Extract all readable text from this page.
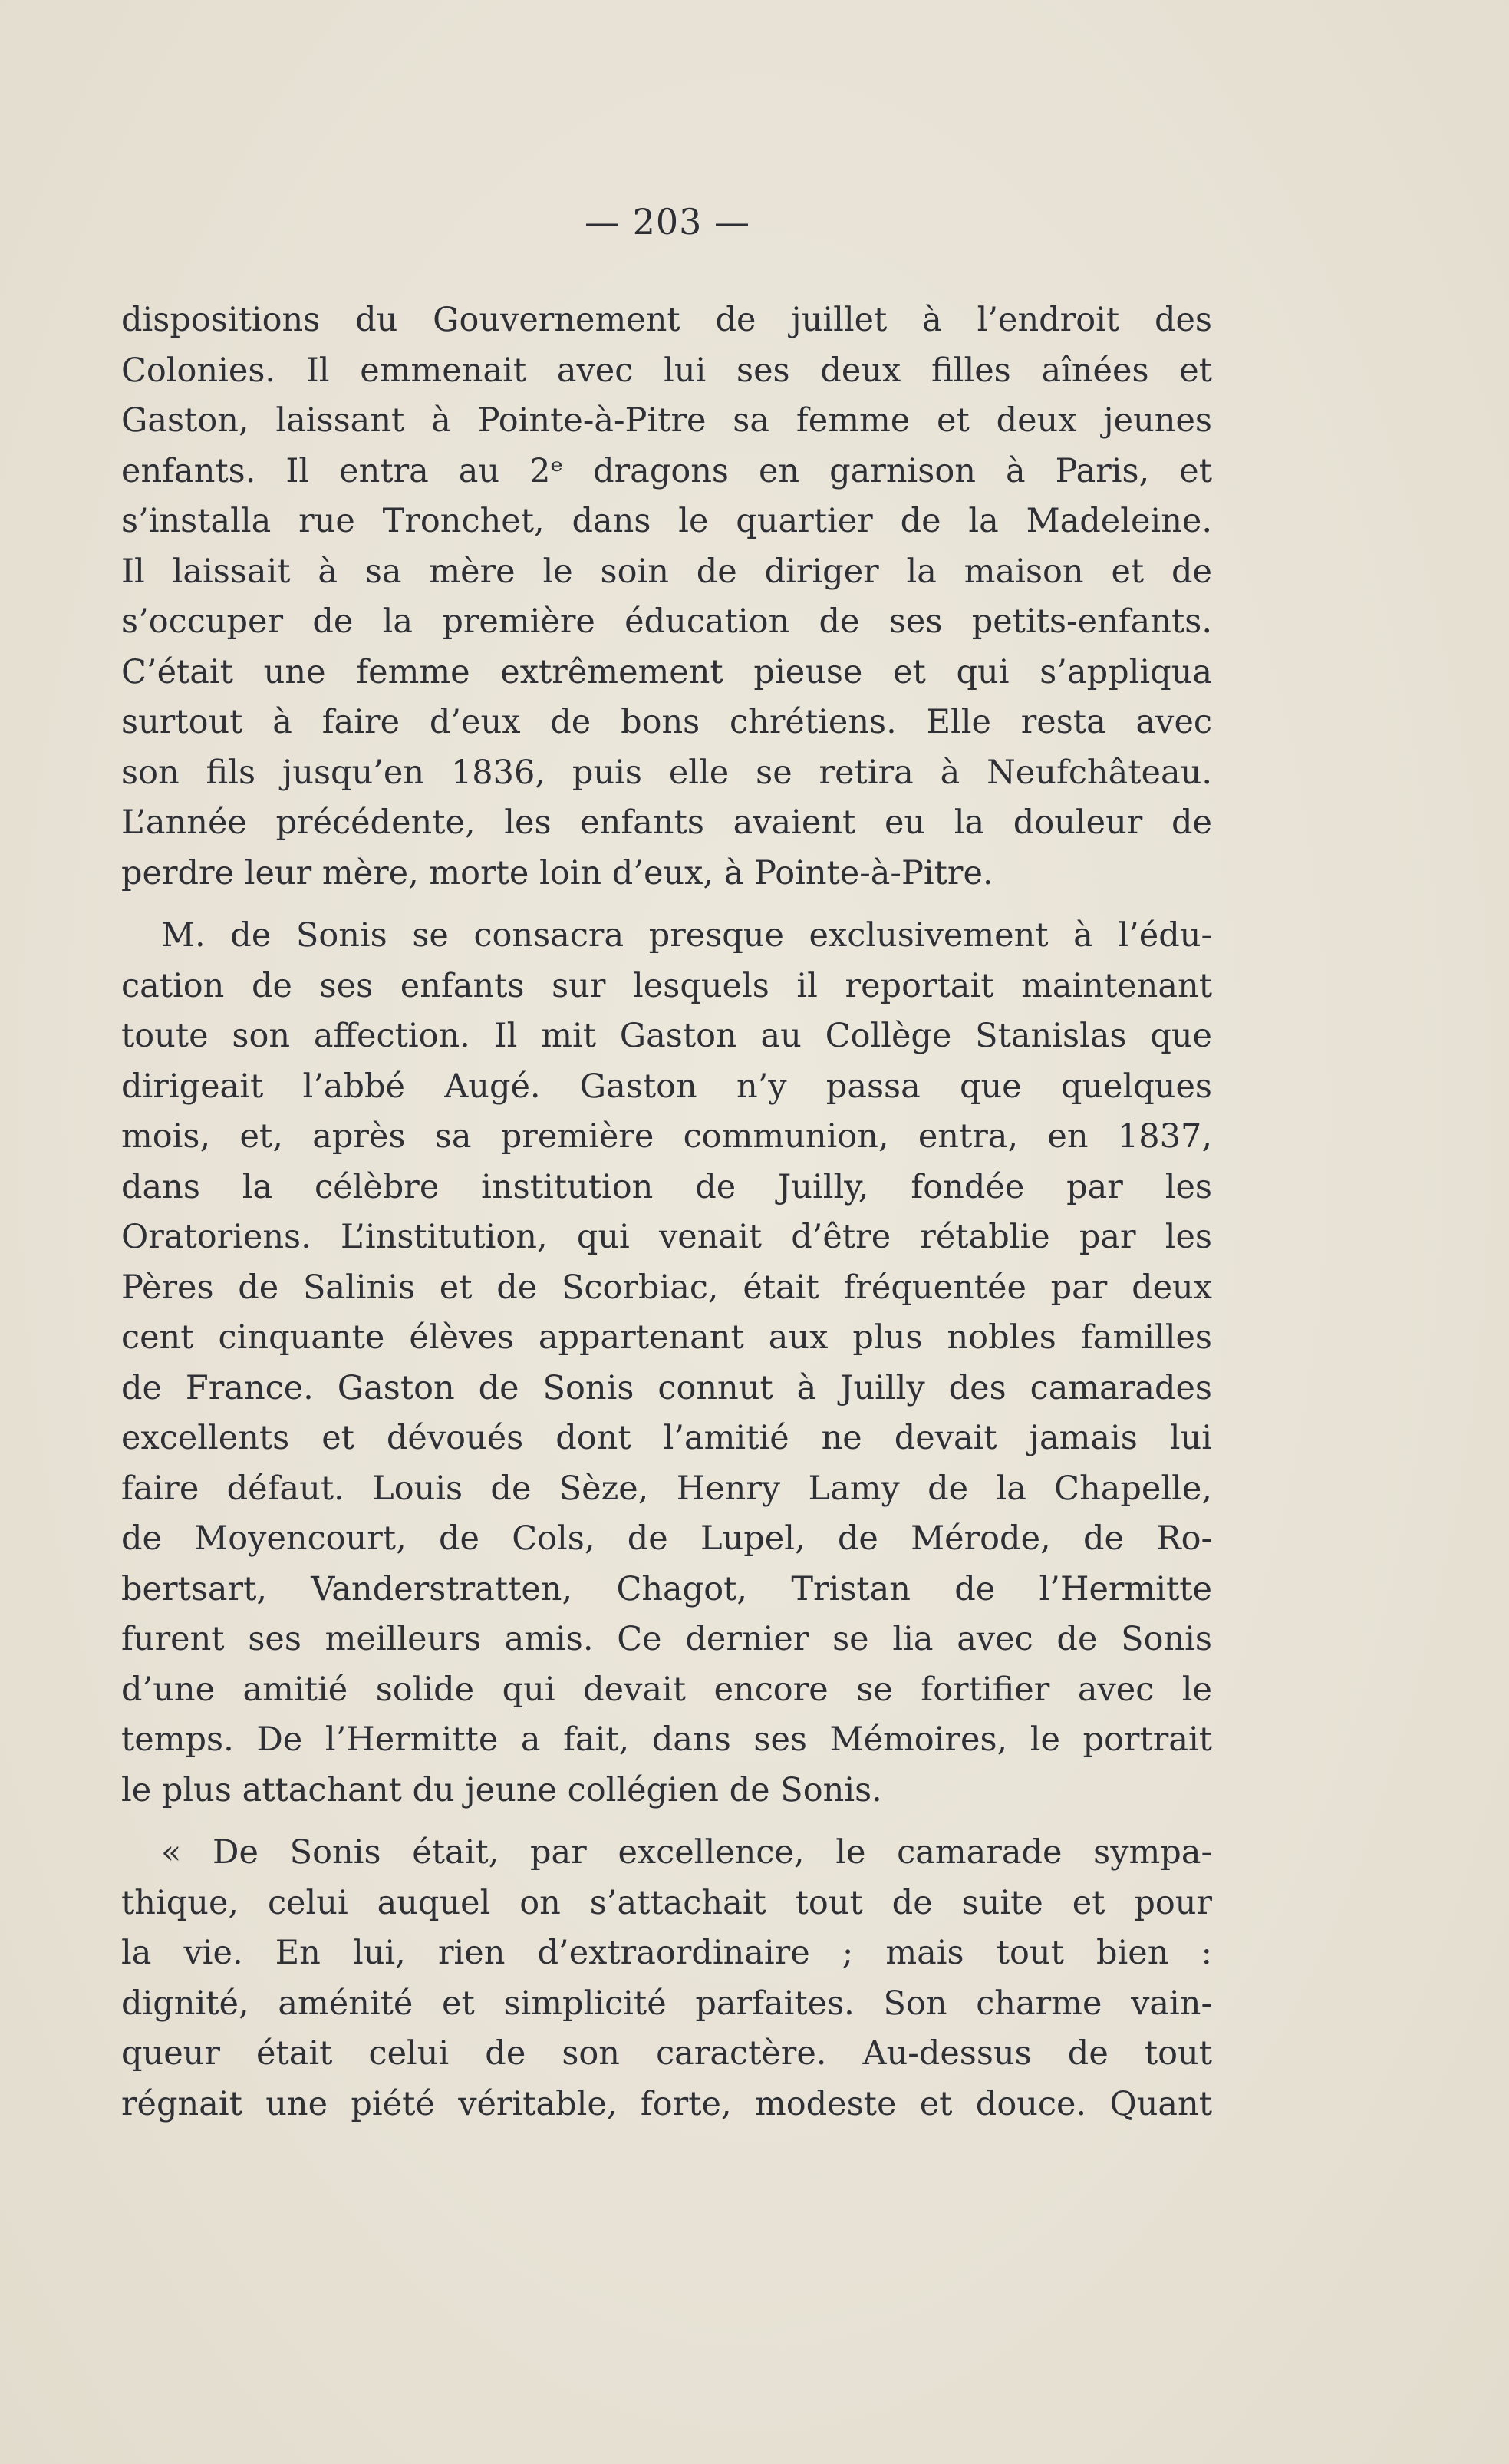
— 203 —
dispositions du Gouvernement de juillet à l’endroit des
Colonies. Il emmenait avec lui ses deux filles aînées et
Gaston, laissant à Pointe-à-Pitre sa femme et deux jeunes
enfants. Il entra au 2ᵉ dragons en garnison à Paris, et
s’installa rue Tronchet, dans le quartier de la Madeleine.
Il laissait à sa mère le soin de diriger la maison et de
s’occuper de la première éducation de ses petits-enfants.
C’était une femme extrêmement pieuse et qui s’appliqua
surtout à faire d’eux de bons chrétiens. Elle resta avec
son fils jusqu’en 1836, puis elle se retira à Neufchâteau.
L’année précédente, les enfants avaient eu la douleur de
perdre leur mère, morte loin d’eux, à Pointe-à-Pitre.
M. de Sonis se consacra presque exclusivement à l’édu-
cation de ses enfants sur lesquels il reportait maintenant
toute son affection. Il mit Gaston au Collège Stanislas que
dirigeait l’abbé Augé. Gaston n’y passa que quelques
mois, et, après sa première communion, entra, en 1837,
dans la célèbre institution de Juilly, fondée par les
Oratoriens. L’institution, qui venait d’être rétablie par les
Pères de Salinis et de Scorbiac, était fréquentée par deux
cent cinquante élèves appartenant aux plus nobles familles
de France. Gaston de Sonis connut à Juilly des camarades
excellents et dévoués dont l’amitié ne devait jamais lui
faire défaut. Louis de Sèze, Henry Lamy de la Chapelle,
de Moyencourt, de Cols, de Lupel, de Mérode, de Ro-
bertsart, Vanderstratten, Chagot, Tristan de l’Hermitte
furent ses meilleurs amis. Ce dernier se lia avec de Sonis
d’une amitié solide qui devait encore se fortifier avec le
temps. De l’Hermitte a fait, dans ses Mémoires, le portrait
le plus attachant du jeune collégien de Sonis.
« De Sonis était, par excellence, le camarade sympa-
thique, celui auquel on s’attachait tout de suite et pour
la vie. En lui, rien d’extraordinaire ; mais tout bien :
dignité, aménité et simplicité parfaites. Son charme vain-
queur était celui de son caractère. Au-dessus de tout
régnait une piété véritable, forte, modeste et douce. Quant
